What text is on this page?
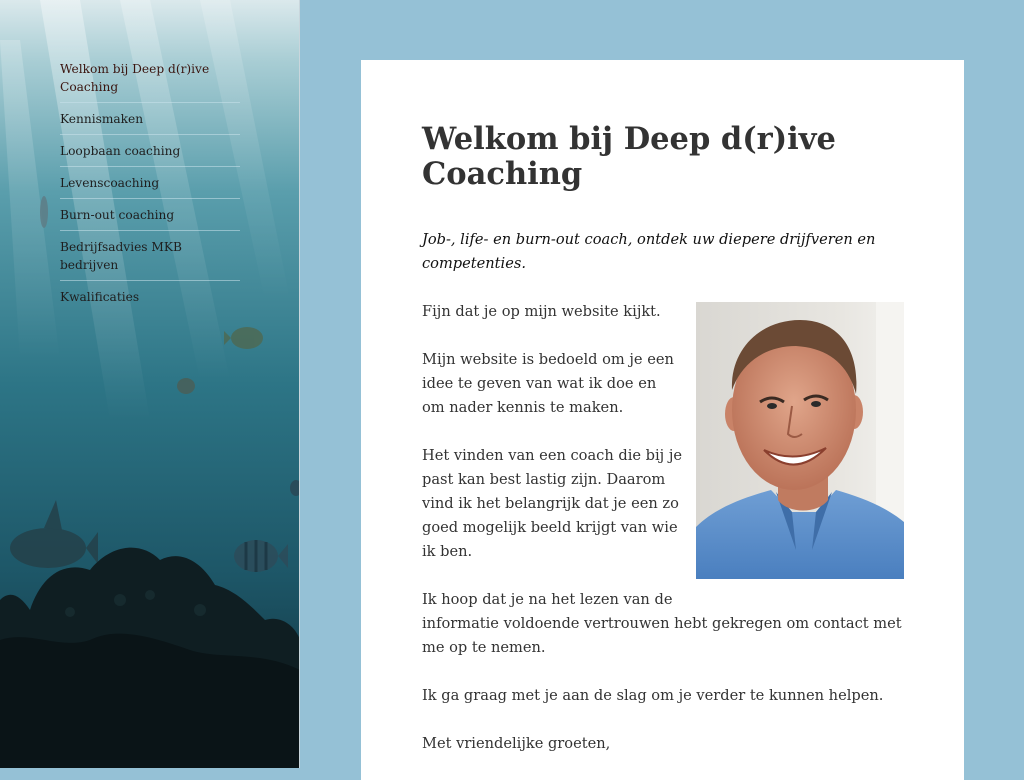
Welkom bij Deep d(r)ive Coaching
Kennismaken
Loopbaan coaching
Levenscoaching
Burn-out coaching
Bedrijfsadvies MKB bedrijven
Kwalificaties
Welkom bij Deep d(r)ive Coaching

Job-, life- en burn-out coach, ontdek uw diepere drijfveren en competenties.

Fijn dat je op mijn website kijkt.

Mijn website is bedoeld om je een idee te geven van wat ik doe en om nader kennis te maken.

Het vinden van een coach die bij je past kan best lastig zijn. Daarom vind ik het belangrijk dat je een zo goed mogelijk beeld krijgt van wie ik ben.

Ik hoop dat je na het lezen van de informatie voldoende vertrouwen hebt gekregen om contact met me op te nemen.

Ik ga graag met je aan de slag om je verder te kunnen helpen.

Met vriendelijke groeten,
